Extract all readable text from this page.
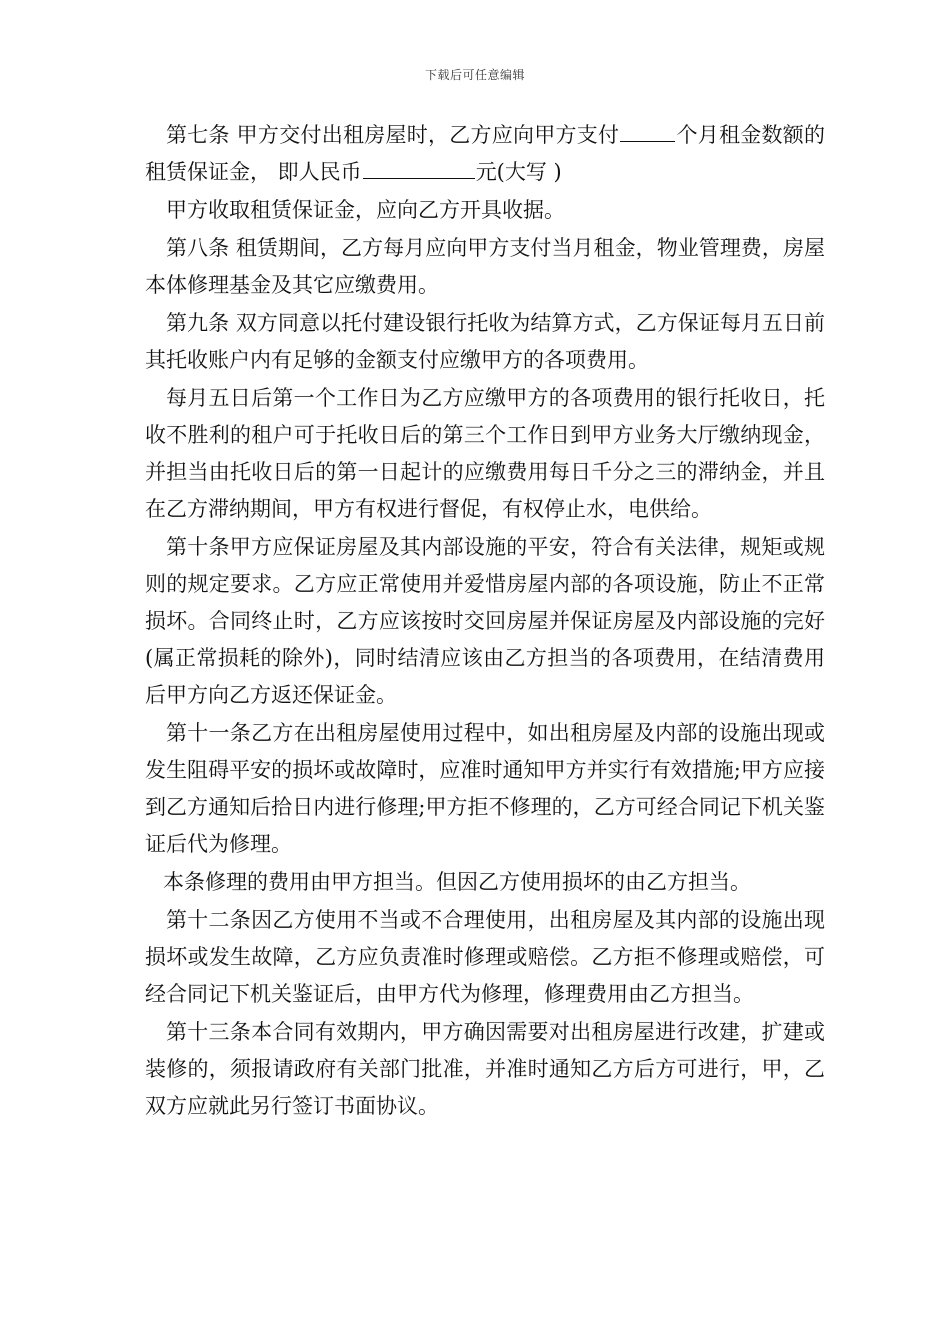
下载后可任意编辑

第七条 甲方交付出租房屋时，乙方应向甲方支付	个月租金数额的租赁保证金， 即人民币	元(大写 )

甲方收取租赁保证金，应向乙方开具收据。

第八条 租赁期间，乙方每月应向甲方支付当月租金，物业管理费，房屋本体修理基金及其它应缴费用。

第九条 双方同意以托付建设银行托收为结算方式，乙方保证每月五日前其托收账户内有足够的金额支付应缴甲方的各项费用。

每月五日后第一个工作日为乙方应缴甲方的各项费用的银行托收日，托收不胜利的租户可于托收日后的第三个工作日到甲方业务大厅缴纳现金，并担当由托收日后的第一日起计的应缴费用每日千分之三的滞纳金，并且在乙方滞纳期间，甲方有权进行督促，有权停止水，电供给。

第十条甲方应保证房屋及其内部设施的平安，符合有关法律，规矩或规则的规定要求。乙方应正常使用并爱惜房屋内部的各项设施，防止不正常损坏。合同终止时，乙方应该按时交回房屋并保证房屋及内部设施的完好(属正常损耗的除外)，同时结清应该由乙方担当的各项费用，在结清费用后甲方向乙方返还保证金。

第十一条乙方在出租房屋使用过程中，如出租房屋及内部的设施出现或发生阻碍平安的损坏或故障时，应准时通知甲方并实行有效措施;甲方应接到乙方通知后拾日内进行修理;甲方拒不修理的，乙方可经合同记下机关鉴证后代为修理。

本条修理的费用由甲方担当。但因乙方使用损坏的由乙方担当。

第十二条因乙方使用不当或不合理使用，出租房屋及其内部的设施出现损坏或发生故障，乙方应负责准时修理或赔偿。乙方拒不修理或赔偿，可经合同记下机关鉴证后，由甲方代为修理，修理费用由乙方担当。

第十三条本合同有效期内，甲方确因需要对出租房屋进行改建，扩建或装修的，须报请政府有关部门批准，并准时通知乙方后方可进行，甲，乙双方应就此另行签订书面协议。
